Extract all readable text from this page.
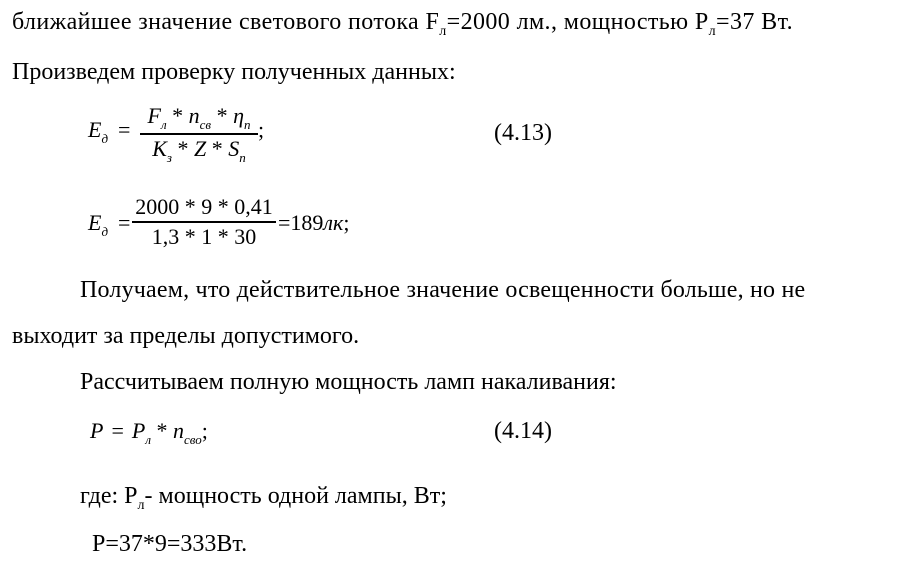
ближайшее значение светового потока $F_л=2000$ лм., мощностью $P_л=37$ Вт.
Произведем проверку полученных данных:
$E_д$ =
$F_л * n_{св} * \eta_п$
$K_з$ * Z * $S_п$
;	(4.13)
$E_д$ =
2000 * 9 * 0,41
1,3 * 1 * 30
=189лк;
Получаем, что действительное значение освещенности больше, но не
выходит за пределы допустимого.
Рассчитываем полную мощность ламп накаливания:
$P = P_л * n_{сво}$;	(4.14)
где: $P_л-$ мощность одной лампы, Вт;
P=37*9=333Вт.
